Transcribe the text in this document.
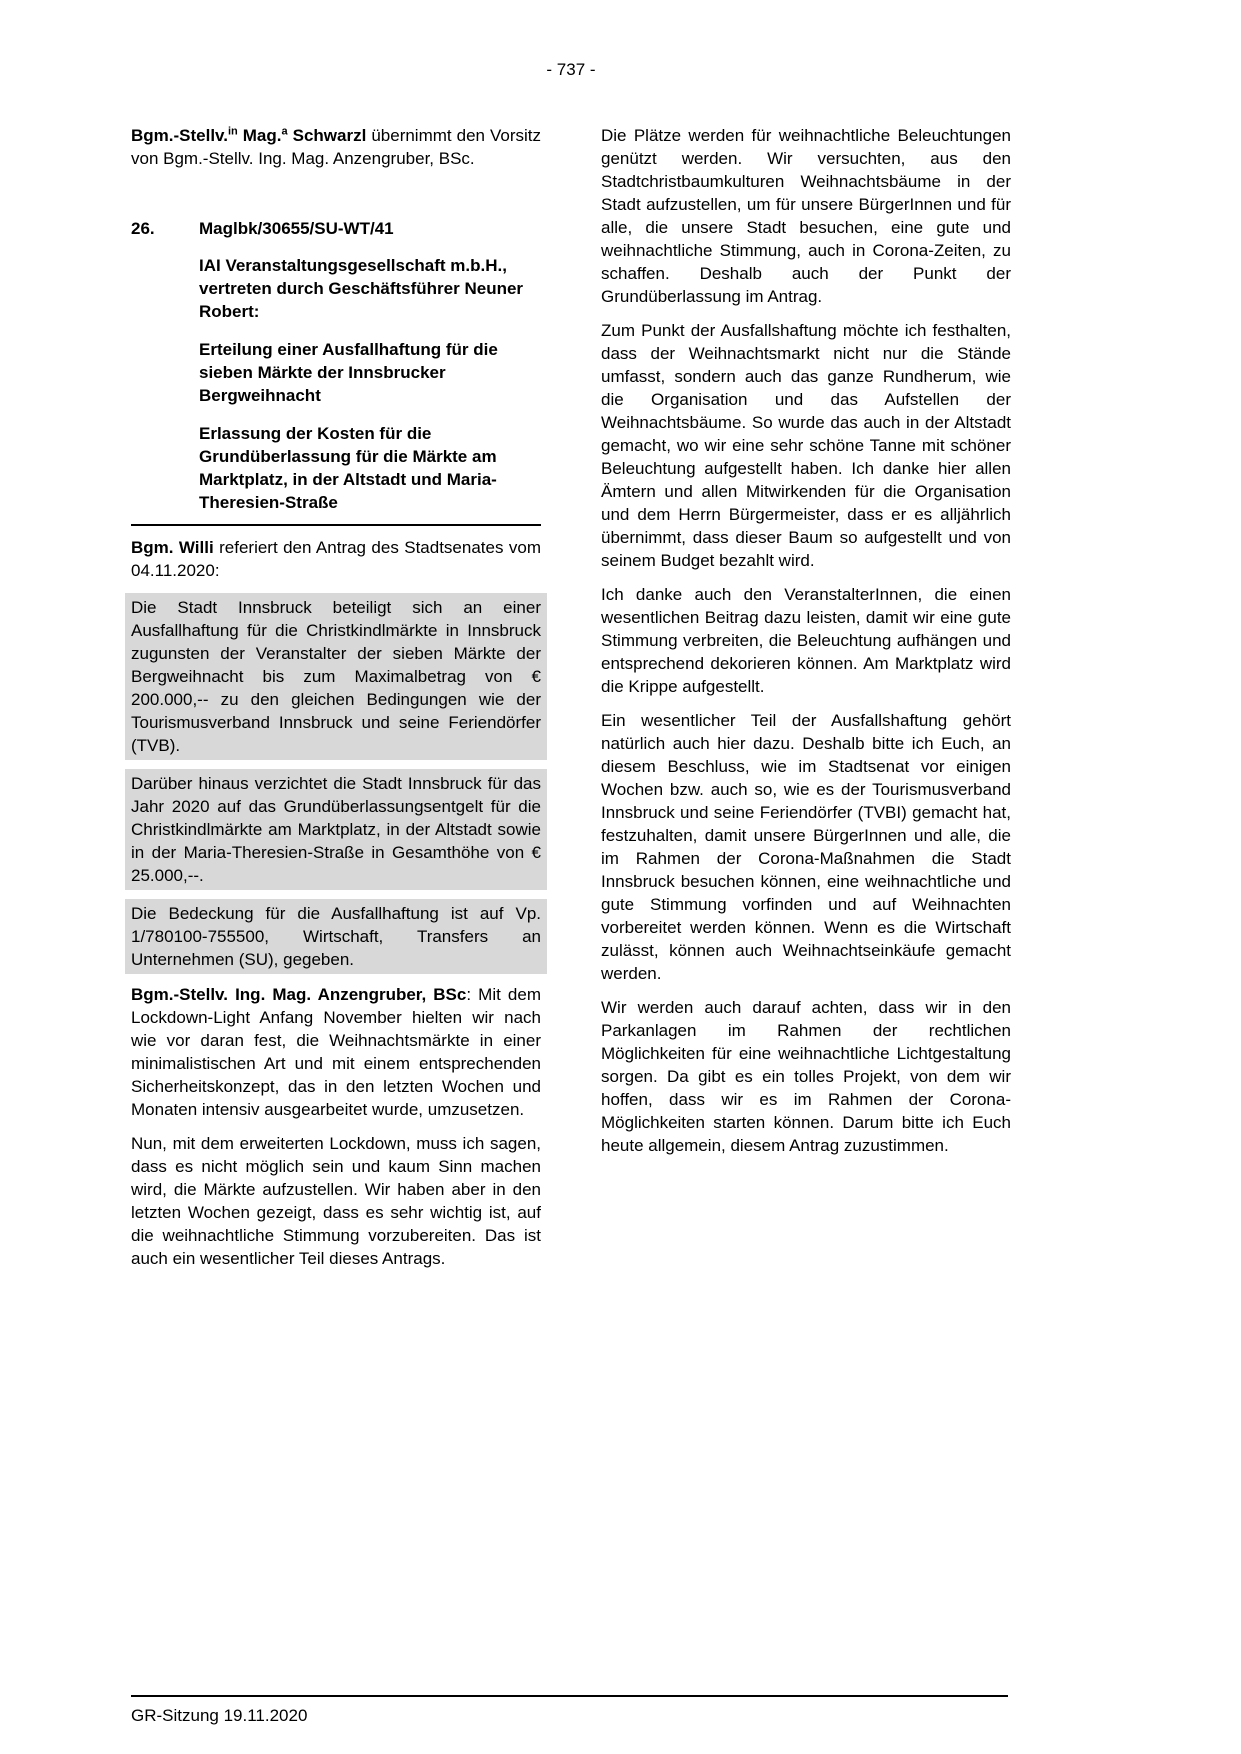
- 737 -

Bgm.-Stellv.$^{in}$ Mag.$^a$ Schwarzl übernimmt den Vorsitz von Bgm.-Stellv. Ing. Mag. Anzengruber, BSc.

26.	Maglbk/30655/SU-WT/41

IAI Veranstaltungsgesellschaft m.b.H., vertreten durch Geschäftsführer Neuner Robert:

Erteilung einer Ausfallhaftung für die sieben Märkte der Innsbrucker Bergweihnacht

Erlassung der Kosten für die Grundüberlassung für die Märkte am Marktplatz, in der Altstadt und Maria-Theresien-Straße

Bgm. Willi referiert den Antrag des Stadtsenates vom 04.11.2020:

Die Stadt Innsbruck beteiligt sich an einer Ausfallhaftung für die Christkindlmärkte in Innsbruck zugunsten der Veranstalter der sieben Märkte der Bergweihnacht bis zum Maximalbetrag von € 200.000,-- zu den gleichen Bedingungen wie der Tourismusverband Innsbruck und seine Feriendörfer (TVB).

Darüber hinaus verzichtet die Stadt Innsbruck für das Jahr 2020 auf das Grundüberlassungsentgelt für die Christkindlmärkte am Marktplatz, in der Altstadt sowie in der Maria-Theresien-Straße in Gesamthöhe von € 25.000,--.

Die Bedeckung für die Ausfallhaftung ist auf Vp. 1/780100-755500, Wirtschaft, Transfers an Unternehmen (SU), gegeben.

Bgm.-Stellv. Ing. Mag. Anzengruber, BSc: Mit dem Lockdown-Light Anfang November hielten wir nach wie vor daran fest, die Weihnachtsmärkte in einer minimalistischen Art und mit einem entsprechenden Sicherheitskonzept, das in den letzten Wochen und Monaten intensiv ausgearbeitet wurde, umzusetzen.

Nun, mit dem erweiterten Lockdown, muss ich sagen, dass es nicht möglich sein und kaum Sinn machen wird, die Märkte aufzustellen. Wir haben aber in den letzten Wochen gezeigt, dass es sehr wichtig ist, auf die weihnachtliche Stimmung vorzubereiten. Das ist auch ein wesentlicher Teil dieses Antrags.

Die Plätze werden für weihnachtliche Beleuchtungen genützt werden. Wir versuchten, aus den Stadtchristbaumkulturen Weihnachtsbäume in der Stadt aufzustellen, um für unsere BürgerInnen und für alle, die unsere Stadt besuchen, eine gute und weihnachtliche Stimmung, auch in Corona-Zeiten, zu schaffen. Deshalb auch der Punkt der Grundüberlassung im Antrag.

Zum Punkt der Ausfallshaftung möchte ich festhalten, dass der Weihnachtsmarkt nicht nur die Stände umfasst, sondern auch das ganze Rundherum, wie die Organisation und das Aufstellen der Weihnachtsbäume. So wurde das auch in der Altstadt gemacht, wo wir eine sehr schöne Tanne mit schöner Beleuchtung aufgestellt haben. Ich danke hier allen Ämtern und allen Mitwirkenden für die Organisation und dem Herrn Bürgermeister, dass er es alljährlich übernimmt, dass dieser Baum so aufgestellt und von seinem Budget bezahlt wird.

Ich danke auch den VeranstalterInnen, die einen wesentlichen Beitrag dazu leisten, damit wir eine gute Stimmung verbreiten, die Beleuchtung aufhängen und entsprechend dekorieren können. Am Marktplatz wird die Krippe aufgestellt.

Ein wesentlicher Teil der Ausfallshaftung gehört natürlich auch hier dazu. Deshalb bitte ich Euch, an diesem Beschluss, wie im Stadtsenat vor einigen Wochen bzw. auch so, wie es der Tourismusverband Innsbruck und seine Feriendörfer (TVBI) gemacht hat, festzuhalten, damit unsere BürgerInnen und alle, die im Rahmen der Corona-Maßnahmen die Stadt Innsbruck besuchen können, eine weihnachtliche und gute Stimmung vorfinden und auf Weihnachten vorbereitet werden können. Wenn es die Wirtschaft zulässt, können auch Weihnachtseinkäufe gemacht werden.

Wir werden auch darauf achten, dass wir in den Parkanlagen im Rahmen der rechtlichen Möglichkeiten für eine weihnachtliche Lichtgestaltung sorgen. Da gibt es ein tolles Projekt, von dem wir hoffen, dass wir es im Rahmen der Corona-Möglichkeiten starten können. Darum bitte ich Euch heute allgemein, diesem Antrag zuzustimmen.

GR-Sitzung 19.11.2020
